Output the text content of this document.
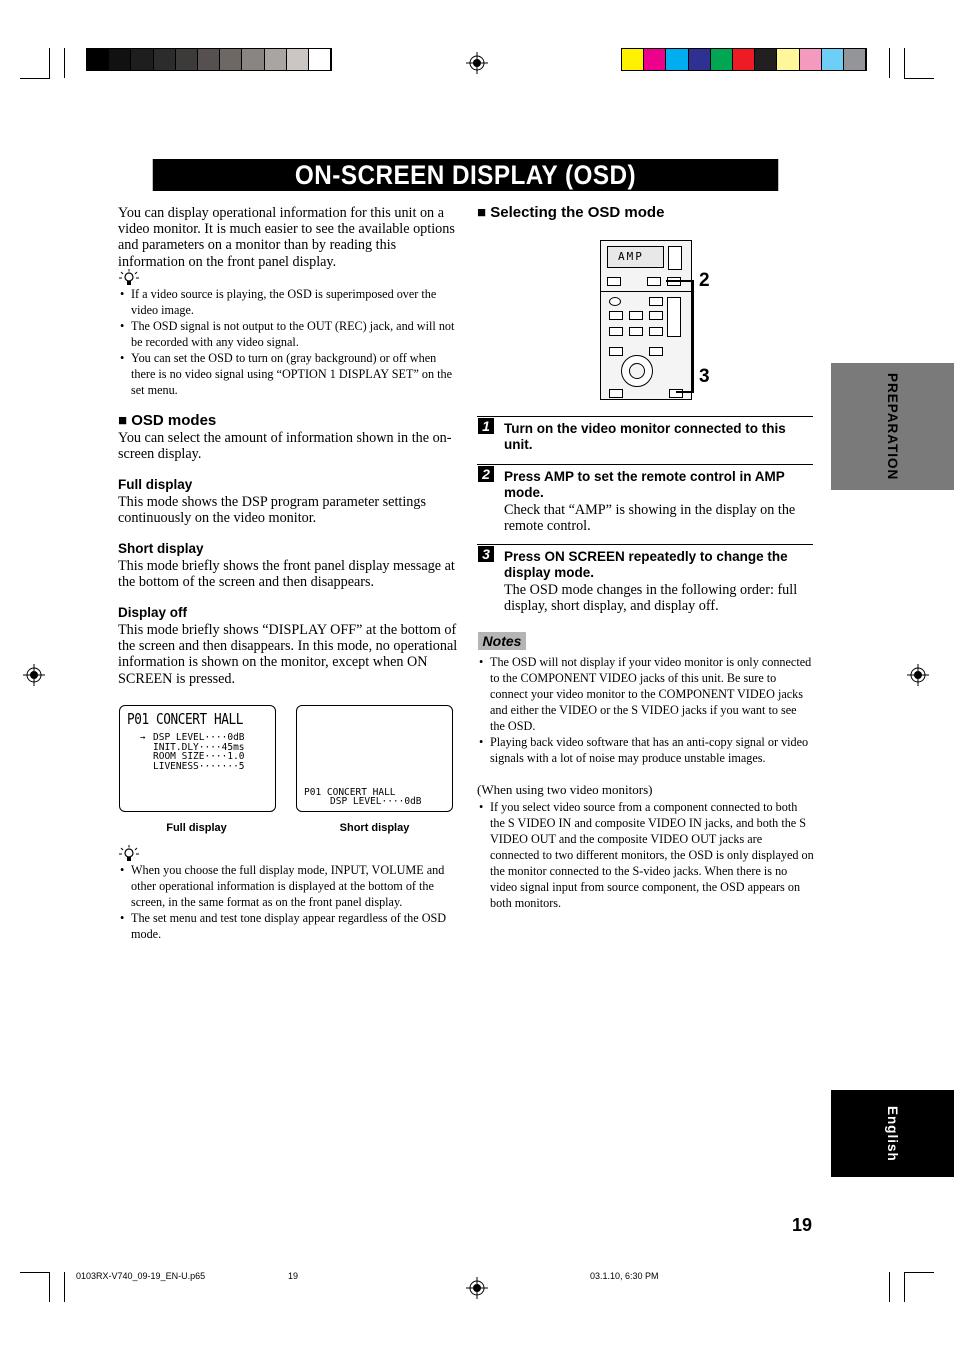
ON-SCREEN DISPLAY (OSD)
You can display operational information for this unit on a video monitor. It is much easier to see the available options and parameters on a monitor than by reading this information on the front panel display.
• If a video source is playing, the OSD is superimposed over the video image.
• The OSD signal is not output to the OUT (REC) jack, and will not be recorded with any video signal.
• You can set the OSD to turn on (gray background) or off when there is no video signal using “OPTION 1 DISPLAY SET” on the set menu.
■ OSD modes
You can select the amount of information shown in the on-screen display.
Full display
This mode shows the DSP program parameter settings continuously on the video monitor.
Short display
This mode briefly shows the front panel display message at the bottom of the screen and then disappears.
Display off
This mode briefly shows “DISPLAY OFF” at the bottom of the screen and then disappears. In this mode, no operational information is shown on the monitor, except when ON SCREEN is pressed.
P01 CONCERT HALL
→ DSP LEVEL····0dB
INIT.DLY····45ms
ROOM SIZE····1.0
LIVENESS·······5
P01 CONCERT HALL
DSP LEVEL····0dB
Full display	Short display
• When you choose the full display mode, INPUT, VOLUME and other operational information is displayed at the bottom of the screen, in the same format as on the front panel display.
• The set menu and test tone display appear regardless of the OSD mode.
■ Selecting the OSD mode
AMP
2
3
1	Turn on the video monitor connected to this unit.
2	Press AMP to set the remote control in AMP mode.
Check that “AMP” is showing in the display on the remote control.
3	Press ON SCREEN repeatedly to change the display mode.
The OSD mode changes in the following order: full display, short display, and display off.
Notes
• The OSD will not display if your video monitor is only connected to the COMPONENT VIDEO jacks of this unit. Be sure to connect your video monitor to the COMPONENT VIDEO jacks and either the VIDEO or the S VIDEO jacks if you want to see the OSD.
• Playing back video software that has an anti-copy signal or video signals with a lot of noise may produce unstable images.
(When using two video monitors)
• If you select video source from a component connected to both the S VIDEO IN and composite VIDEO IN jacks, and both the S VIDEO OUT and the composite VIDEO OUT jacks are connected to two different monitors, the OSD is only displayed on the monitor connected to the S-video jacks. When there is no video signal input from source component, the OSD appears on both monitors.
PREPARATION
English
19
0103RX-V740_09-19_EN-U.p65	19	03.1.10, 6:30 PM
